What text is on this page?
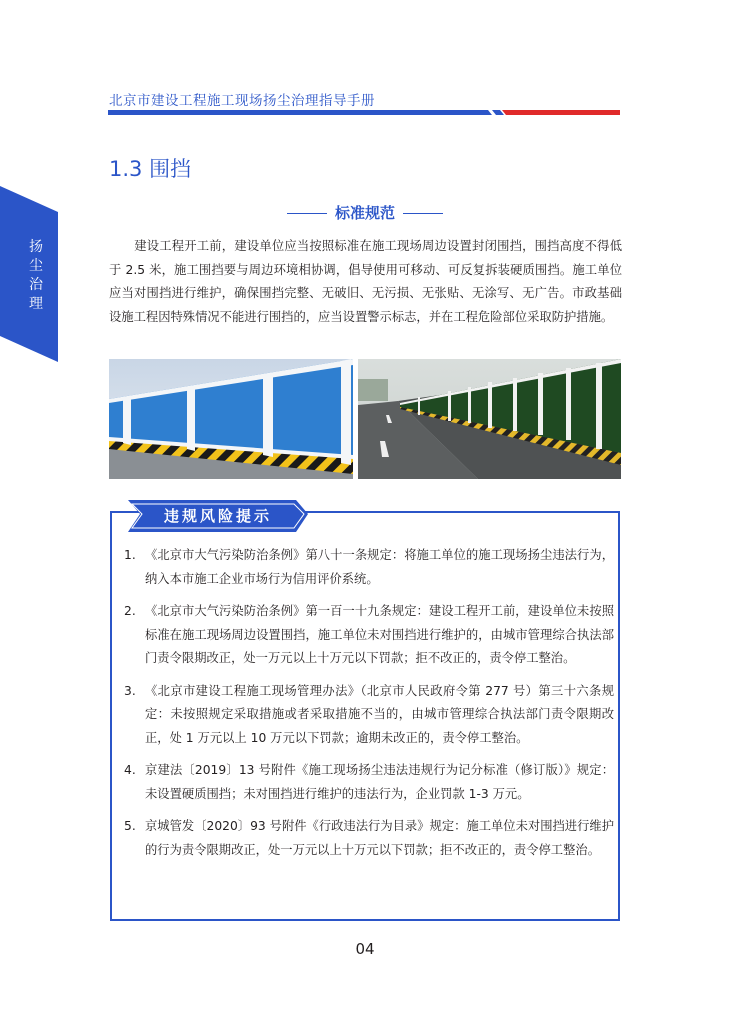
北京市建设工程施工现场扬尘治理指导手册
扬
尘
治
理
1.3 围挡
标准规范

建设工程开工前，建设单位应当按照标准在施工现场周边设置封闭围挡，围挡高度不得低于 2.5 米，施工围挡要与周边环境相协调，倡导使用可移动、可反复拆装硬质围挡。施工单位应当对围挡进行维护，确保围挡完整、无破旧、无污损、无张贴、无涂写、无广告。市政基础设施工程因特殊情况不能进行围挡的，应当设置警示标志，并在工程危险部位采取防护措施。

违规风险提示
1. 《北京市大气污染防治条例》第八十一条规定：将施工单位的施工现场扬尘违法行为，纳入本市施工企业市场行为信用评价系统。
2. 《北京市大气污染防治条例》第一百一十九条规定：建设工程开工前，建设单位未按照标准在施工现场周边设置围挡，施工单位未对围挡进行维护的，由城市管理综合执法部门责令限期改正，处一万元以上十万元以下罚款；拒不改正的，责令停工整治。
3. 《北京市建设工程施工现场管理办法》（北京市人民政府令第 277 号）第三十六条规定：未按照规定采取措施或者采取措施不当的，由城市管理综合执法部门责令限期改正，处 1 万元以上 10 万元以下罚款；逾期未改正的，责令停工整治。
4. 京建法〔2019〕13 号附件《施工现场扬尘违法违规行为记分标准（修订版）》规定：未设置硬质围挡；未对围挡进行维护的违法行为，企业罚款 1-3 万元。
5. 京城管发〔2020〕93 号附件《行政违法行为目录》规定：施工单位未对围挡进行维护的行为责令限期改正，处一万元以上十万元以下罚款；拒不改正的，责令停工整治。
04
